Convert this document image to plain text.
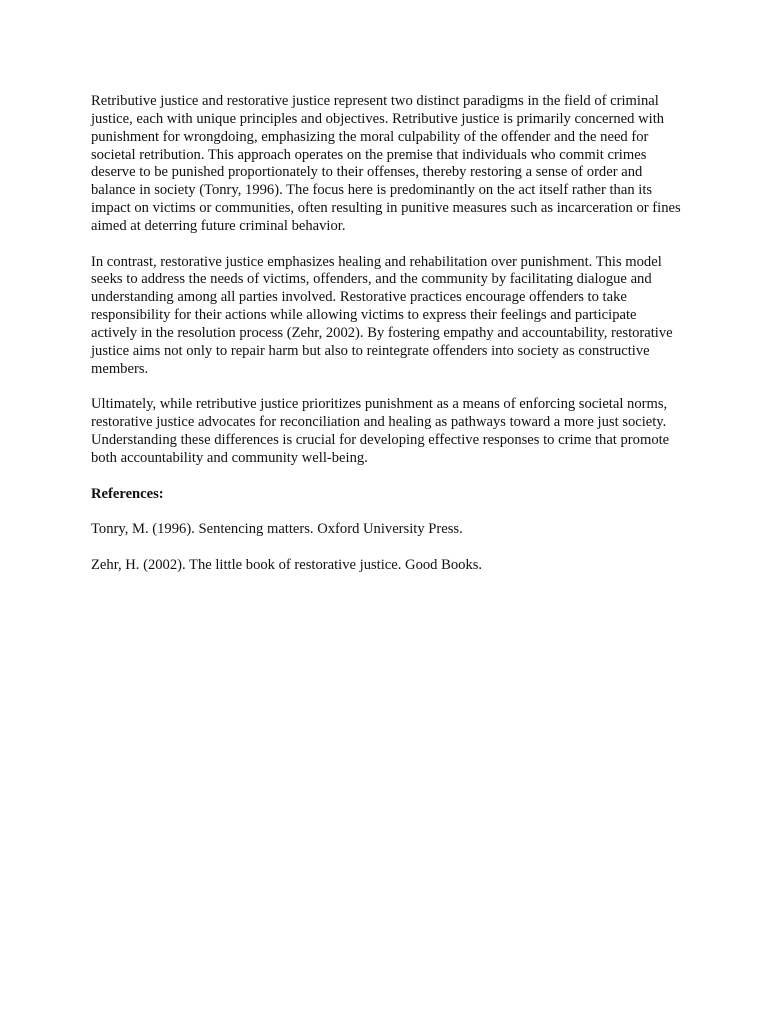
Retributive justice and restorative justice represent two distinct paradigms in the field of criminal justice, each with unique principles and objectives. Retributive justice is primarily concerned with punishment for wrongdoing, emphasizing the moral culpability of the offender and the need for societal retribution. This approach operates on the premise that individuals who commit crimes deserve to be punished proportionately to their offenses, thereby restoring a sense of order and balance in society (Tonry, 1996). The focus here is predominantly on the act itself rather than its impact on victims or communities, often resulting in punitive measures such as incarceration or fines aimed at deterring future criminal behavior.

In contrast, restorative justice emphasizes healing and rehabilitation over punishment. This model seeks to address the needs of victims, offenders, and the community by facilitating dialogue and understanding among all parties involved. Restorative practices encourage offenders to take responsibility for their actions while allowing victims to express their feelings and participate actively in the resolution process (Zehr, 2002). By fostering empathy and accountability, restorative justice aims not only to repair harm but also to reintegrate offenders into society as constructive members.

Ultimately, while retributive justice prioritizes punishment as a means of enforcing societal norms, restorative justice advocates for reconciliation and healing as pathways toward a more just society. Understanding these differences is crucial for developing effective responses to crime that promote both accountability and community well-being.

References:

Tonry, M. (1996). Sentencing matters. Oxford University Press.

Zehr, H. (2002). The little book of restorative justice. Good Books.
